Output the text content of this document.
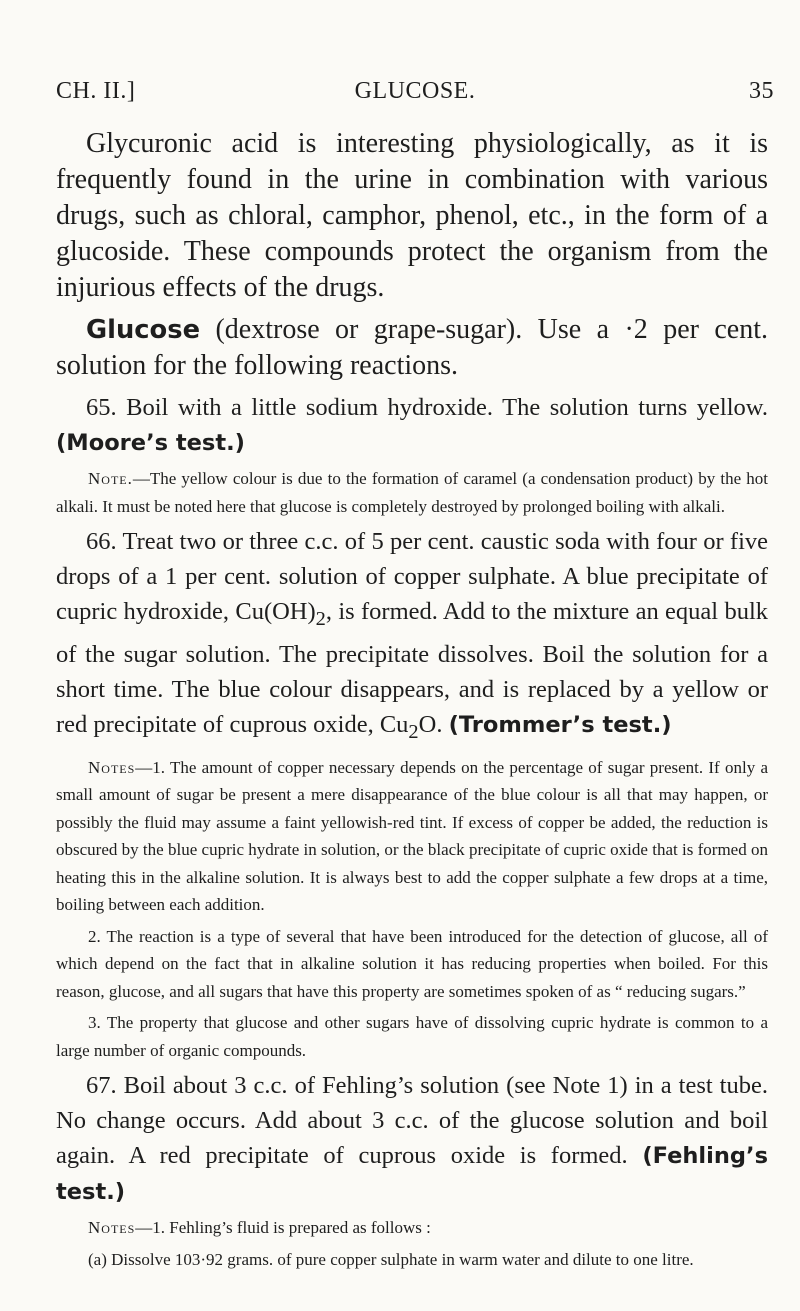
CH. II.]	GLUCOSE.	35

Glycuronic acid is interesting physiologically, as it is frequently found in the urine in combination with various drugs, such as chloral, camphor, phenol, etc., in the form of a glucoside. These compounds protect the organism from the injurious effects of the drugs.

Glucose (dextrose or grape-sugar). Use a ·2 per cent. solution for the following reactions.

65. Boil with a little sodium hydroxide. The solution turns yellow. (Moore’s test.)

Note.—The yellow colour is due to the formation of caramel (a condensation product) by the hot alkali. It must be noted here that glucose is completely destroyed by prolonged boiling with alkali.

66. Treat two or three c.c. of 5 per cent. caustic soda with four or five drops of a 1 per cent. solution of copper sulphate. A blue precipitate of cupric hydroxide, $Cu(OH)_2$, is formed. Add to the mixture an equal bulk of the sugar solution. The precipitate dissolves. Boil the solution for a short time. The blue colour disappears, and is replaced by a yellow or red precipitate of cuprous oxide, $Cu_2O$. (Trommer’s test.)

Notes—1. The amount of copper necessary depends on the percentage of sugar present. If only a small amount of sugar be present a mere disappearance of the blue colour is all that may happen, or possibly the fluid may assume a faint yellowish-red tint. If excess of copper be added, the reduction is obscured by the blue cupric hydrate in solution, or the black precipitate of cupric oxide that is formed on heating this in the alkaline solution. It is always best to add the copper sulphate a few drops at a time, boiling between each addition.

2. The reaction is a type of several that have been introduced for the detection of glucose, all of which depend on the fact that in alkaline solution it has reducing properties when boiled. For this reason, glucose, and all sugars that have this property are sometimes spoken of as “ reducing sugars.”

3. The property that glucose and other sugars have of dissolving cupric hydrate is common to a large number of organic compounds.

67. Boil about 3 c.c. of Fehling’s solution (see Note 1) in a test tube. No change occurs. Add about 3 c.c. of the glucose solution and boil again. A red precipitate of cuprous oxide is formed. (Fehling’s test.)

Notes—1. Fehling’s fluid is prepared as follows :

(a) Dissolve 103·92 grams. of pure copper sulphate in warm water and dilute to one litre.
